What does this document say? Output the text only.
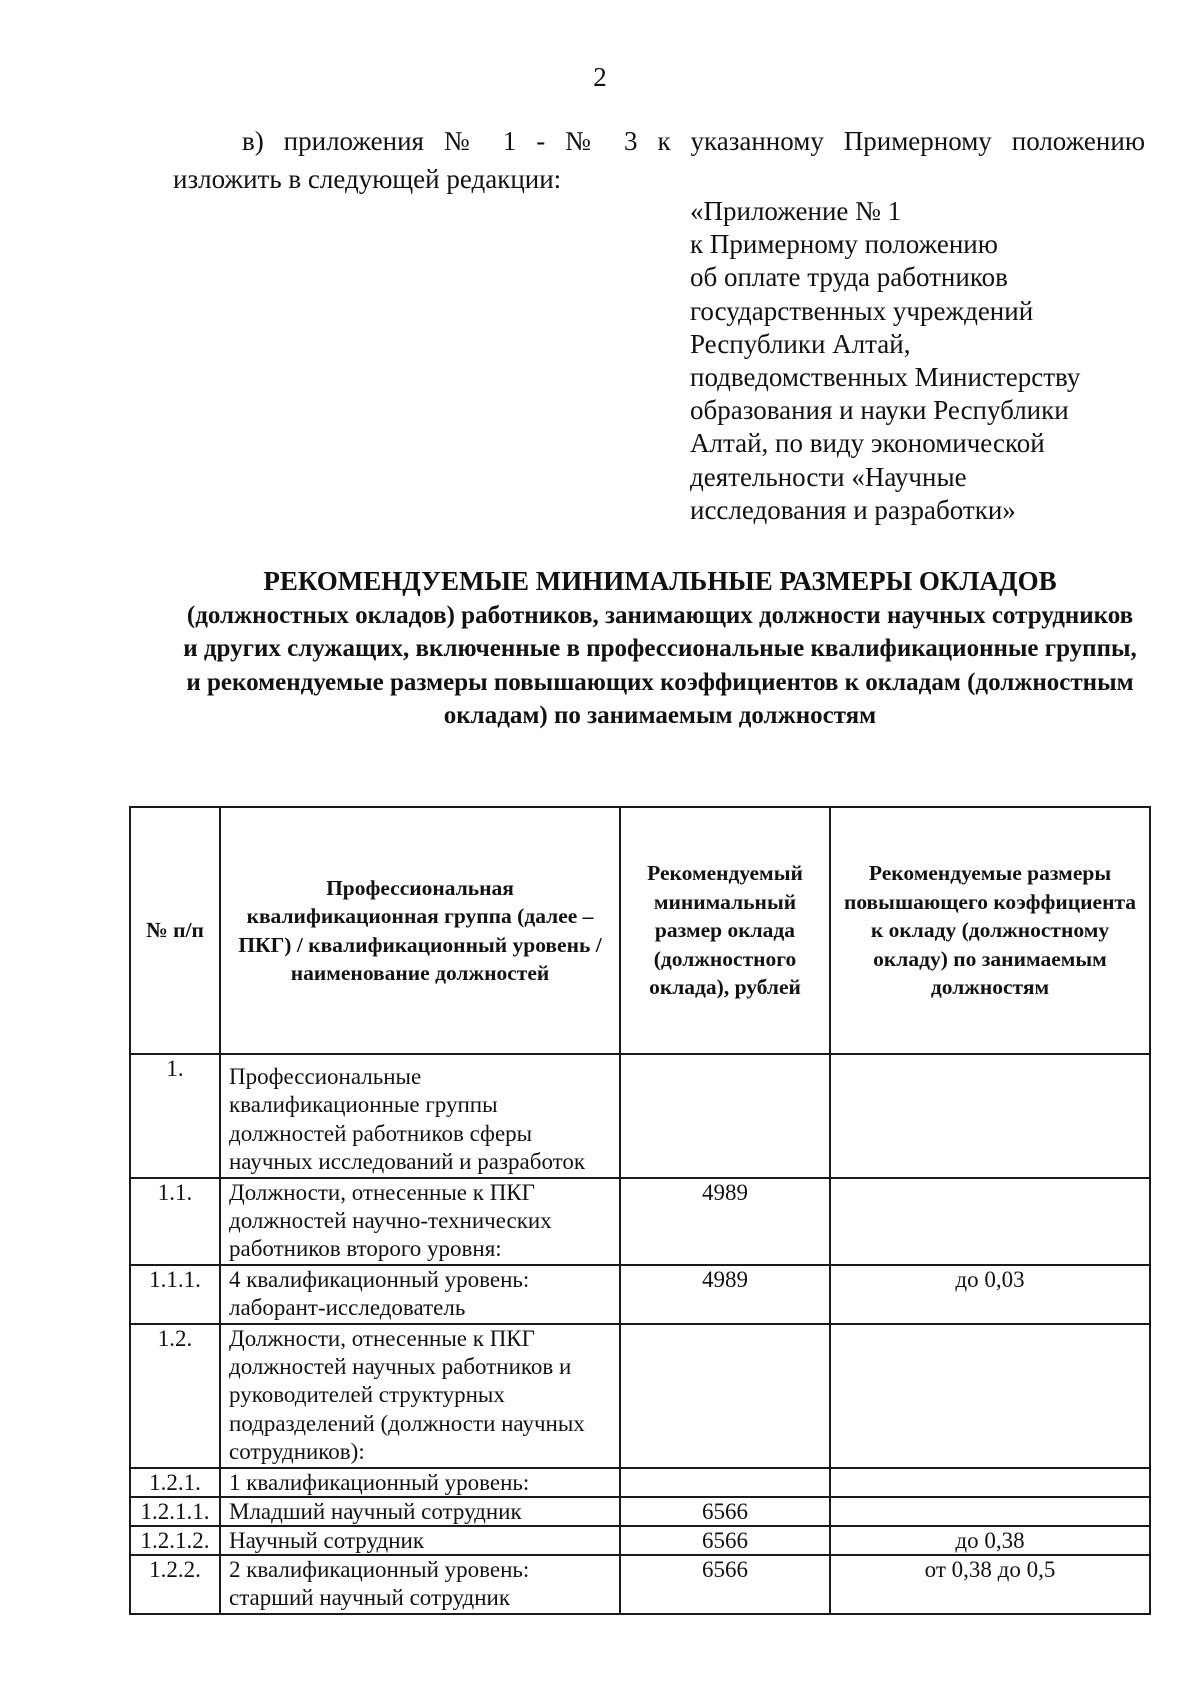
2
в) приложения № 1 - № 3 к указанному Примерному положению
изложить в следующей редакции:
«Приложение № 1
к Примерному положению
об оплате труда работников
государственных учреждений
Республики Алтай,
подведомственных Министерству
образования и науки Республики
Алтай, по виду экономической
деятельности «Научные
исследования и разработки»
РЕКОМЕНДУЕМЫЕ МИНИМАЛЬНЫЕ РАЗМЕРЫ ОКЛАДОВ
(должностных окладов) работников, занимающих должности научных сотрудников и других служащих, включенные в профессиональные квалификационные группы, и рекомендуемые размеры повышающих коэффициентов к окладам (должностным окладам) по занимаемым должностям
№ п/п	Профессиональная квалификационная группа (далее – ПКГ) / квалификационный уровень / наименование должностей	Рекомендуемый минимальный размер оклада (должностного оклада), рублей	Рекомендуемые размеры повышающего коэффициента к окладу (должностному окладу) по занимаемым должностям
1.	Профессиональные квалификационные группы должностей работников сферы научных исследований и разработок		
1.1.	Должности, отнесенные к ПКГ должностей научно-технических работников второго уровня:	4989	
1.1.1.	4 квалификационный уровень: лаборант-исследователь	4989	до 0,03
1.2.	Должности, отнесенные к ПКГ должностей научных работников и руководителей структурных подразделений (должности научных сотрудников):		
1.2.1.	1 квалификационный уровень:		
1.2.1.1.	Младший научный сотрудник	6566	
1.2.1.2.	Научный сотрудник	6566	до 0,38
1.2.2.	2 квалификационный уровень: старший научный сотрудник	6566	от 0,38 до 0,5
